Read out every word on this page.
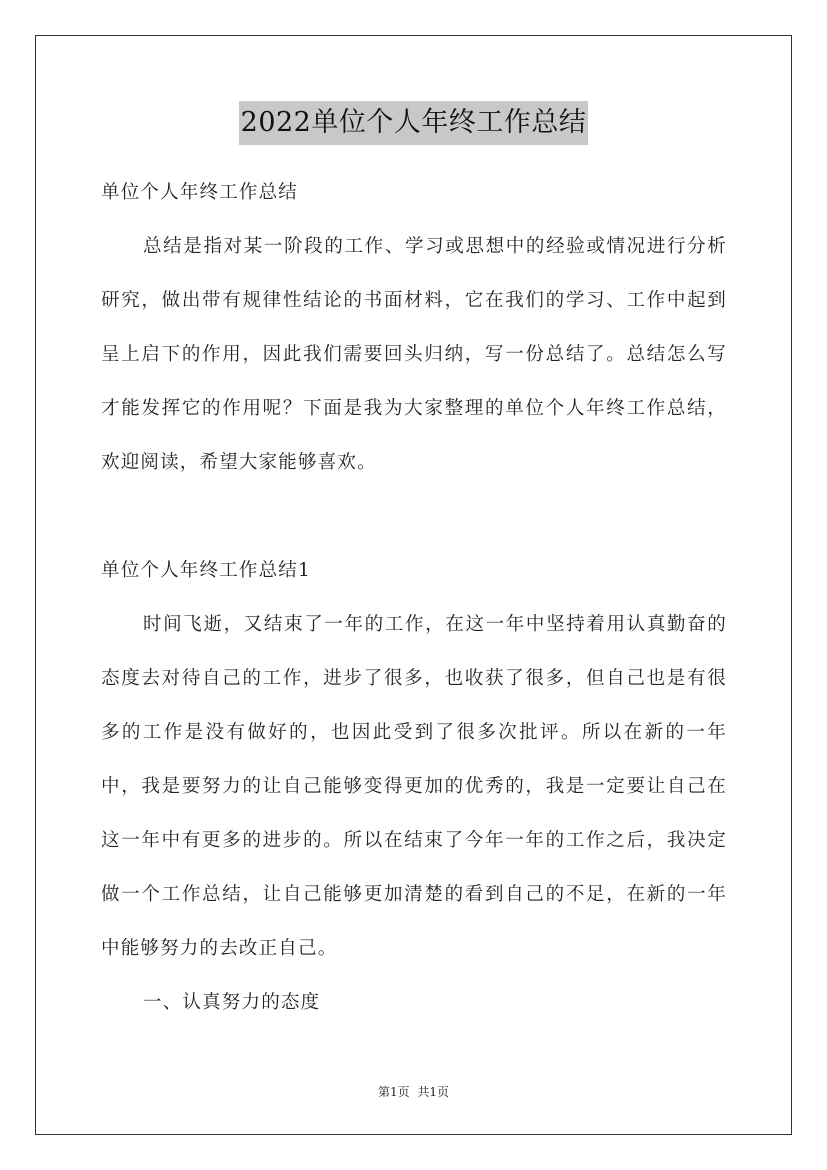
2022单位个人年终工作总结

单位个人年终工作总结

总结是指对某一阶段的工作、学习或思想中的经验或情况进行分析研究，做出带有规律性结论的书面材料，它在我们的学习、工作中起到呈上启下的作用，因此我们需要回头归纳，写一份总结了。总结怎么写才能发挥它的作用呢？下面是我为大家整理的单位个人年终工作总结，欢迎阅读，希望大家能够喜欢。

单位个人年终工作总结1

时间飞逝，又结束了一年的工作，在这一年中坚持着用认真勤奋的态度去对待自己的工作，进步了很多，也收获了很多，但自己也是有很多的工作是没有做好的，也因此受到了很多次批评。所以在新的一年中，我是要努力的让自己能够变得更加的优秀的，我是一定要让自己在这一年中有更多的进步的。所以在结束了今年一年的工作之后，我决定做一个工作总结，让自己能够更加清楚的看到自己的不足，在新的一年中能够努力的去改正自己。

一、认真努力的态度

第1页 共1页
